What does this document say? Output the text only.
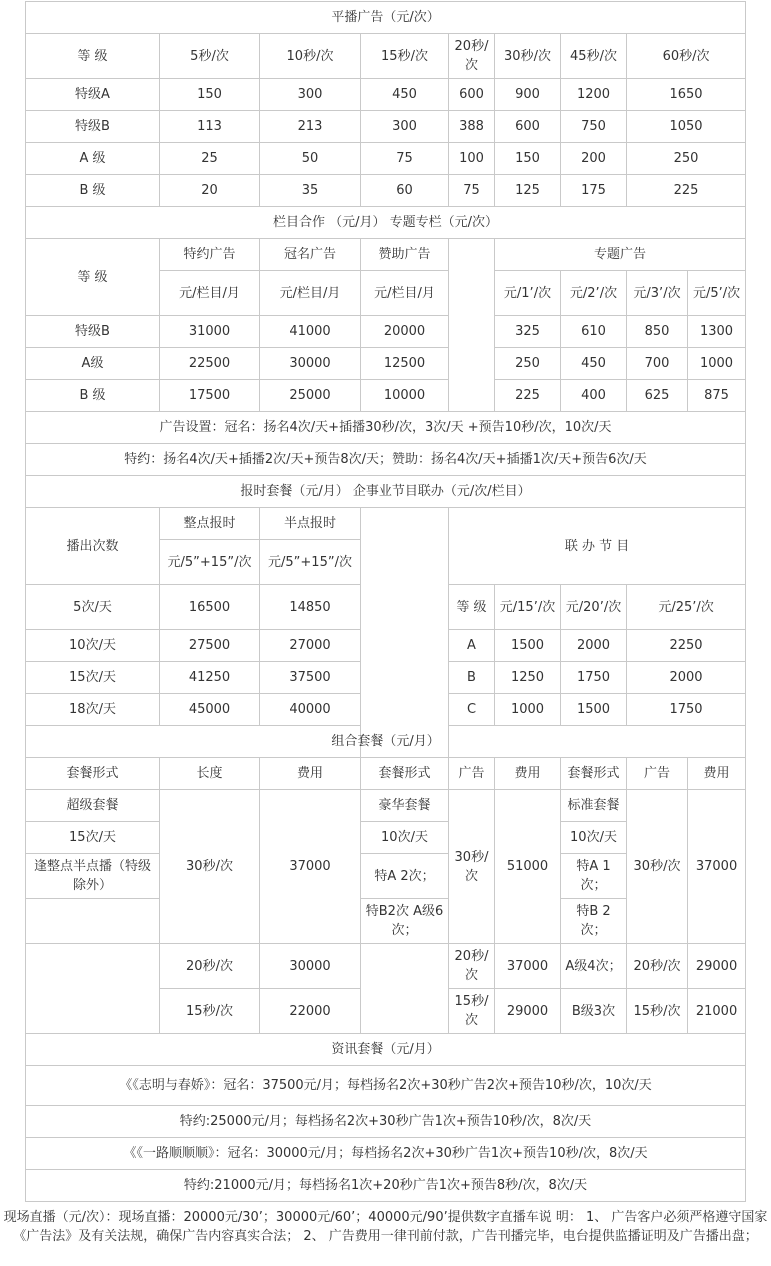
平播广告（元/次）								
等 级	5秒/次	10秒/次	15秒/次	20秒/次	30秒/次	45秒/次	60秒/次	
特级A	150	300	450	600	900	1200	1650	
特级B	113	213	300	388	600	750	1050	
A 级	25	50	75	100	150	200	250	
B 级	20	35	60	75	125	175	225	
栏目合作 （元/月） 专题专栏（元/次）								
等 级	特约广告	冠名广告	赞助广告		专题广告			
	元/栏目/月	元/栏目/月	元/栏目/月		元/1’/次	元/2’/次	元/3’/次	元/5’/次
特级B	31000	41000	20000		325	610	850	1300
A级	22500	30000	12500		250	450	700	1000
B 级	17500	25000	10000		225	400	625	875
广告设置：冠名：扬名4次/天+插播30秒/次，3次/天 +预告10秒/次，10次/天								
特约：扬名4次/天+插播2次/天+预告8次/天；赞助：扬名4次/天+插播1次/天+预告6次/天								
报时套餐（元/月） 企事业节目联办（元/次/栏目）								
播出次数	整点报时	半点报时		联 办 节 目				
	元/5”+15”/次	元/5”+15”/次						
5次/天	16500	14850		等 级	元/15’/次	元/20’/次	元/25’/次	
10次/天	27500	27000		A	1500	2000	2250	
15次/天	41250	37500		B	1250	1750	2000	
18次/天	45000	40000		C	1000	1500	1750	
组合套餐（元/月）								
套餐形式	长度	费用	套餐形式	广告	费用	套餐形式	广告	费用
超级套餐	30秒/次	37000	豪华套餐	30秒/次	51000	标准套餐	30秒/次	37000
15次/天			10次/天			10次/天		
逢整点半点播（特级除外）			特A 2次；			特A 1次；		
			特B2次 A级6次；			特B 2次；		
	20秒/次	30000		20秒/次	37000	A级4次；	20秒/次	29000
	15秒/次	22000		15秒/次	29000	B级3次	15秒/次	21000
资讯套餐（元/月）								
《《志明与春娇》：冠名：37500元/月；每档扬名2次+30秒广告2次+预告10秒/次，10次/天								
特约:25000元/月；每档扬名2次+30秒广告1次+预告10秒/次，8次/天								
《《一路顺顺顺》：冠名：30000元/月；每档扬名2次+30秒广告1次+预告10秒/次，8次/天								
特约:21000元/月；每档扬名1次+20秒广告1次+预告8秒/次，8次/天								
现场直播（元/次）：现场直播：20000元/30’；30000元/60’；40000元/90’提供数字直播车说 明： 1、 广告客户必须严格遵守国家《广告法》及有关法规，确保广告内容真实合法； 2、 广告费用一律刊前付款，广告刊播完毕，电台提供监播证明及广告播出盘；
